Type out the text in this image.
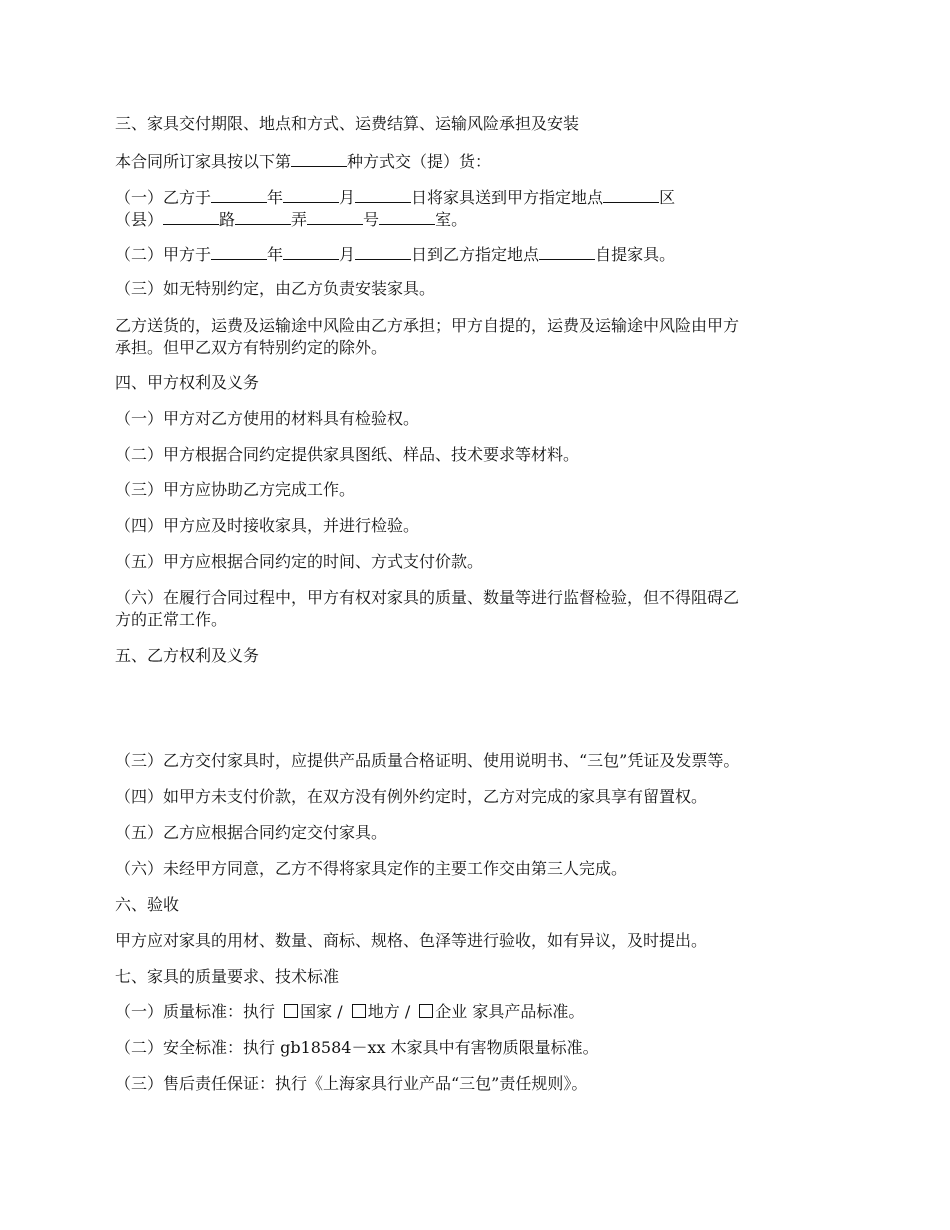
三、家具交付期限、地点和方式、运费结算、运输风险承担及安装
本合同所订家具按以下第	种方式交（提）货：
（一）乙方于	年	月	日将家具送到甲方指定地点	区
（县）	路	弄	号	室。
（二）甲方于	年	月	日到乙方指定地点	自提家具。
（三）如无特别约定，由乙方负责安装家具。
乙方送货的，运费及运输途中风险由乙方承担；甲方自提的，运费及运输途中风险由甲方
承担。但甲乙双方有特别约定的除外。
四、甲方权利及义务
（一）甲方对乙方使用的材料具有检验权。
（二）甲方根据合同约定提供家具图纸、样品、技术要求等材料。
（三）甲方应协助乙方完成工作。
（四）甲方应及时接收家具，并进行检验。
（五）甲方应根据合同约定的时间、方式支付价款。
（六）在履行合同过程中，甲方有权对家具的质量、数量等进行监督检验，但不得阻碍乙
方的正常工作。
五、乙方权利及义务
（三）乙方交付家具时，应提供产品质量合格证明、使用说明书、“三包”凭证及发票等。
（四）如甲方未支付价款，在双方没有例外约定时，乙方对完成的家具享有留置权。
（五）乙方应根据合同约定交付家具。
（六）未经甲方同意，乙方不得将家具定作的主要工作交由第三人完成。
六、验收
甲方应对家具的用材、数量、商标、规格、色泽等进行验收，如有异议，及时提出。
七、家具的质量要求、技术标准
（一）质量标准：执行 国家 / 地方 / 企业 家具产品标准。
（二）安全标准：执行 gb18584－xx 木家具中有害物质限量标准。
（三）售后责任保证：执行《上海家具行业产品“三包”责任规则》。
